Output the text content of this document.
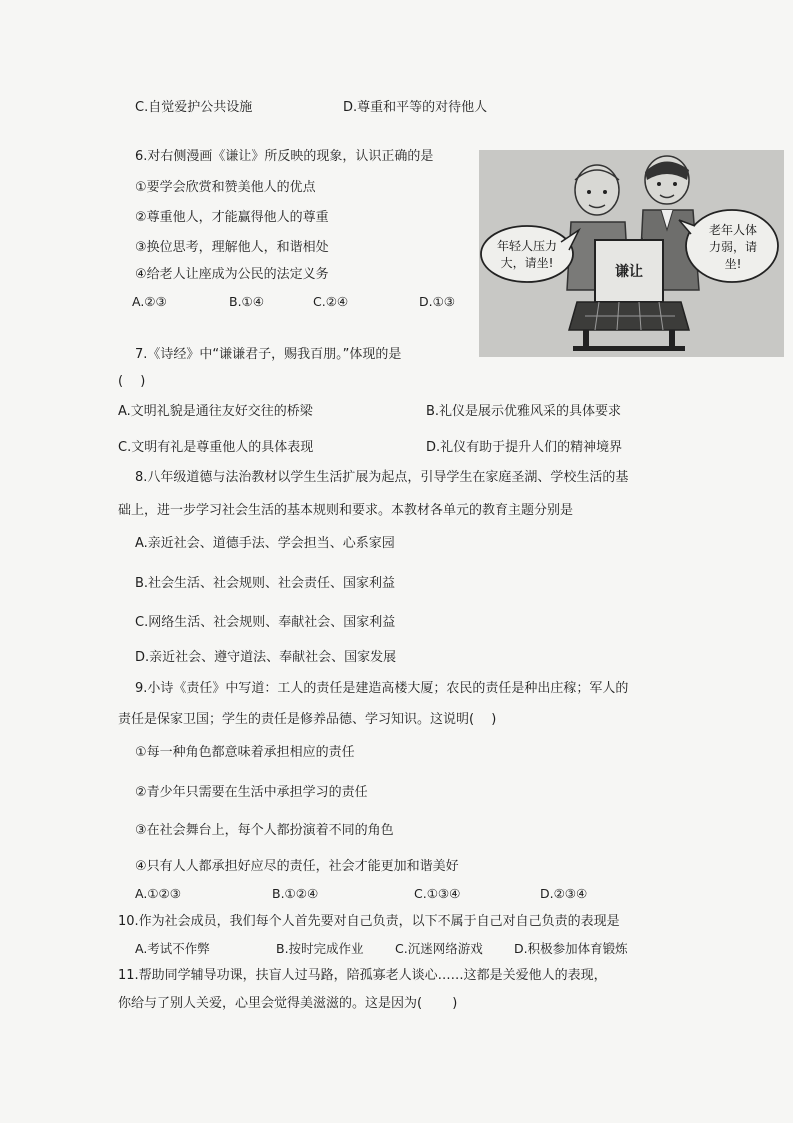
C.自觉爱护公共设施	D.尊重和平等的对待他人
6.对右侧漫画《谦让》所反映的现象，认识正确的是
①要学会欣赏和赞美他人的优点
②尊重他人，才能赢得他人的尊重
③换位思考，理解他人，和谐相处
④给老人让座成为公民的法定义务
A.②③	B.①④	C.②④	D.①③
谦让
年轻人压力
大，请坐!
老年人体
力弱，请
坐!
7.《诗经》中“谦谦君子，赐我百朋。”体现的是
(　 )
A.文明礼貌是通往友好交往的桥梁	B.礼仪是展示优雅风采的具体要求
C.文明有礼是尊重他人的具体表现	D.礼仪有助于提升人们的精神境界
8.八年级道德与法治教材以学生生活扩展为起点，引导学生在家庭圣湖、学校生活的基
础上，进一步学习社会生活的基本规则和要求。本教材各单元的教育主题分别是
A.亲近社会、道德手法、学会担当、心系家园
B.社会生活、社会规则、社会责任、国家利益
C.网络生活、社会规则、奉献社会、国家利益
D.亲近社会、遵守道法、奉献社会、国家发展
9.小诗《责任》中写道：工人的责任是建造高楼大厦；农民的责任是种出庄稼；军人的
责任是保家卫国；学生的责任是修养品德、学习知识。这说明(　 )
①每一种角色都意味着承担相应的责任
②青少年只需要在生活中承担学习的责任
③在社会舞台上，每个人都扮演着不同的角色
④只有人人都承担好应尽的责任，社会才能更加和谐美好
A.①②③	B.①②④	C.①③④	D.②③④
10.作为社会成员，我们每个人首先要对自己负责，以下不属于自己对自己负责的表现是
A.考试不作弊	B.按时完成作业	C.沉迷网络游戏	D.积极参加体育锻炼
11.帮助同学辅导功课，扶盲人过马路，陪孤寡老人谈心……这都是关爱他人的表现，
你给与了别人关爱，心里会觉得美滋滋的。这是因为(　　 )
